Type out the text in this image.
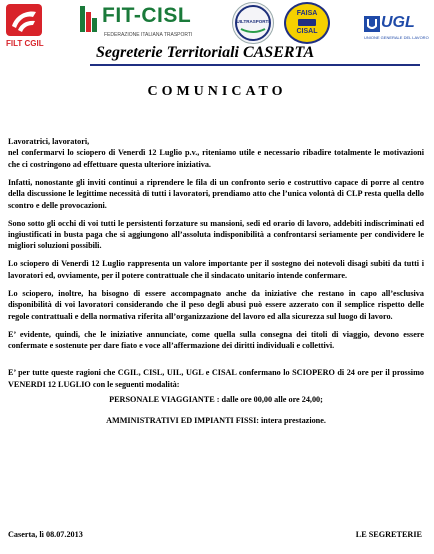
FILT CGIL
FIT-CISL
FEDERAZIONE ITALIANA TRASPORTI
UILTRASPORTI
FAISA
CISAL
UGL
UNIONE GENERALE DEL LAVORO
Segreterie Territoriali CASERTA
COMUNICATO

Lavoratrici, lavoratori,

nel confermarvi lo sciopero di Venerdì 12 Luglio p.v., riteniamo utile e necessario ribadire totalmente le motivazioni che ci costringono ad effettuare questa ulteriore iniziativa.

Infatti, nonostante gli inviti continui a riprendere le fila di un confronto serio e costruttivo capace di porre al centro della discussione le legittime necessità di tutti i lavoratori, prendiamo atto che l’unica volontà di CLP resta quella dello scontro e delle provocazioni.

Sono sotto gli occhi di voi tutti le persistenti forzature su mansioni, sedi ed orario di lavoro, addebiti indiscriminati ed ingiustificati in busta paga che si aggiungono all’assoluta indisponibilità a confrontarsi seriamente per condividere le migliori soluzioni possibili.

Lo sciopero di Venerdì 12 Luglio rappresenta un valore importante per il sostegno dei notevoli disagi subiti da tutti i lavoratori ed, ovviamente, per il potere contrattuale che il sindacato unitario intende confermare.

Lo sciopero, inoltre, ha bisogno di essere accompagnato anche da iniziative che restano in capo all’esclusiva disponibilità di voi lavoratori considerando che il peso degli abusi può essere azzerato con il semplice rispetto delle regole contrattuali e della normativa riferita all’organizzazione del lavoro ed alla sicurezza sul luogo di lavoro.

E’ evidente, quindi, che le iniziative annunciate, come quella sulla consegna dei titoli di viaggio, devono essere confermate e sostenute per dare fiato e voce all’affermazione dei diritti individuali e collettivi.

E’ per tutte queste ragioni che CGIL, CISL, UIL, UGL e CISAL confermano lo SCIOPERO di 24 ore per il prossimo VENERDI 12 LUGLIO con le seguenti modalità:

PERSONALE VIAGGIANTE : dalle ore 00,00 alle ore 24,00;

AMMINISTRATIVI ED IMPIANTI FISSI: intera prestazione.

Caserta, lì 08.07.2013	LE SEGRETERIE
